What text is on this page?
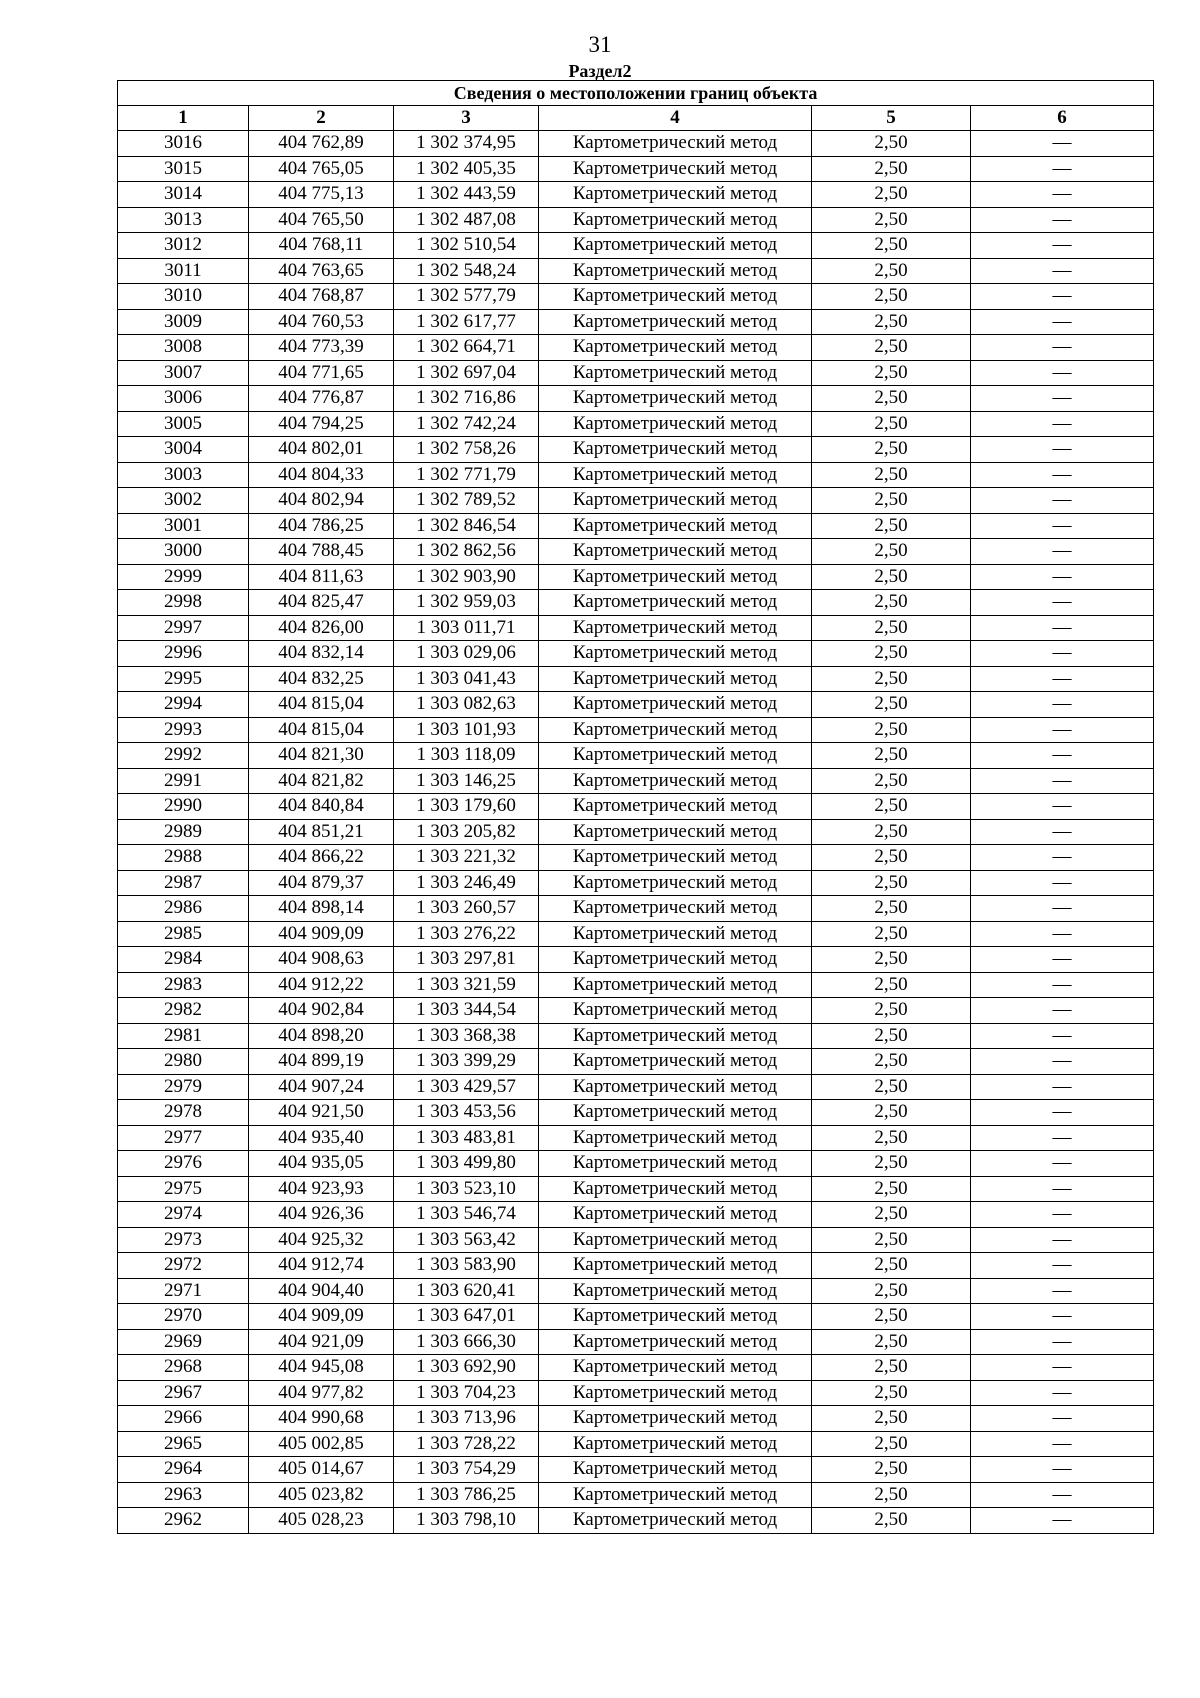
31
Раздел2
Сведения о местоположении границ объекта					
1	2	3	4	5	6
3016	404 762,89	1 302 374,95	Картометрический метод	2,50	—
3015	404 765,05	1 302 405,35	Картометрический метод	2,50	—
3014	404 775,13	1 302 443,59	Картометрический метод	2,50	—
3013	404 765,50	1 302 487,08	Картометрический метод	2,50	—
3012	404 768,11	1 302 510,54	Картометрический метод	2,50	—
3011	404 763,65	1 302 548,24	Картометрический метод	2,50	—
3010	404 768,87	1 302 577,79	Картометрический метод	2,50	—
3009	404 760,53	1 302 617,77	Картометрический метод	2,50	—
3008	404 773,39	1 302 664,71	Картометрический метод	2,50	—
3007	404 771,65	1 302 697,04	Картометрический метод	2,50	—
3006	404 776,87	1 302 716,86	Картометрический метод	2,50	—
3005	404 794,25	1 302 742,24	Картометрический метод	2,50	—
3004	404 802,01	1 302 758,26	Картометрический метод	2,50	—
3003	404 804,33	1 302 771,79	Картометрический метод	2,50	—
3002	404 802,94	1 302 789,52	Картометрический метод	2,50	—
3001	404 786,25	1 302 846,54	Картометрический метод	2,50	—
3000	404 788,45	1 302 862,56	Картометрический метод	2,50	—
2999	404 811,63	1 302 903,90	Картометрический метод	2,50	—
2998	404 825,47	1 302 959,03	Картометрический метод	2,50	—
2997	404 826,00	1 303 011,71	Картометрический метод	2,50	—
2996	404 832,14	1 303 029,06	Картометрический метод	2,50	—
2995	404 832,25	1 303 041,43	Картометрический метод	2,50	—
2994	404 815,04	1 303 082,63	Картометрический метод	2,50	—
2993	404 815,04	1 303 101,93	Картометрический метод	2,50	—
2992	404 821,30	1 303 118,09	Картометрический метод	2,50	—
2991	404 821,82	1 303 146,25	Картометрический метод	2,50	—
2990	404 840,84	1 303 179,60	Картометрический метод	2,50	—
2989	404 851,21	1 303 205,82	Картометрический метод	2,50	—
2988	404 866,22	1 303 221,32	Картометрический метод	2,50	—
2987	404 879,37	1 303 246,49	Картометрический метод	2,50	—
2986	404 898,14	1 303 260,57	Картометрический метод	2,50	—
2985	404 909,09	1 303 276,22	Картометрический метод	2,50	—
2984	404 908,63	1 303 297,81	Картометрический метод	2,50	—
2983	404 912,22	1 303 321,59	Картометрический метод	2,50	—
2982	404 902,84	1 303 344,54	Картометрический метод	2,50	—
2981	404 898,20	1 303 368,38	Картометрический метод	2,50	—
2980	404 899,19	1 303 399,29	Картометрический метод	2,50	—
2979	404 907,24	1 303 429,57	Картометрический метод	2,50	—
2978	404 921,50	1 303 453,56	Картометрический метод	2,50	—
2977	404 935,40	1 303 483,81	Картометрический метод	2,50	—
2976	404 935,05	1 303 499,80	Картометрический метод	2,50	—
2975	404 923,93	1 303 523,10	Картометрический метод	2,50	—
2974	404 926,36	1 303 546,74	Картометрический метод	2,50	—
2973	404 925,32	1 303 563,42	Картометрический метод	2,50	—
2972	404 912,74	1 303 583,90	Картометрический метод	2,50	—
2971	404 904,40	1 303 620,41	Картометрический метод	2,50	—
2970	404 909,09	1 303 647,01	Картометрический метод	2,50	—
2969	404 921,09	1 303 666,30	Картометрический метод	2,50	—
2968	404 945,08	1 303 692,90	Картометрический метод	2,50	—
2967	404 977,82	1 303 704,23	Картометрический метод	2,50	—
2966	404 990,68	1 303 713,96	Картометрический метод	2,50	—
2965	405 002,85	1 303 728,22	Картометрический метод	2,50	—
2964	405 014,67	1 303 754,29	Картометрический метод	2,50	—
2963	405 023,82	1 303 786,25	Картометрический метод	2,50	—
2962	405 028,23	1 303 798,10	Картометрический метод	2,50	—
